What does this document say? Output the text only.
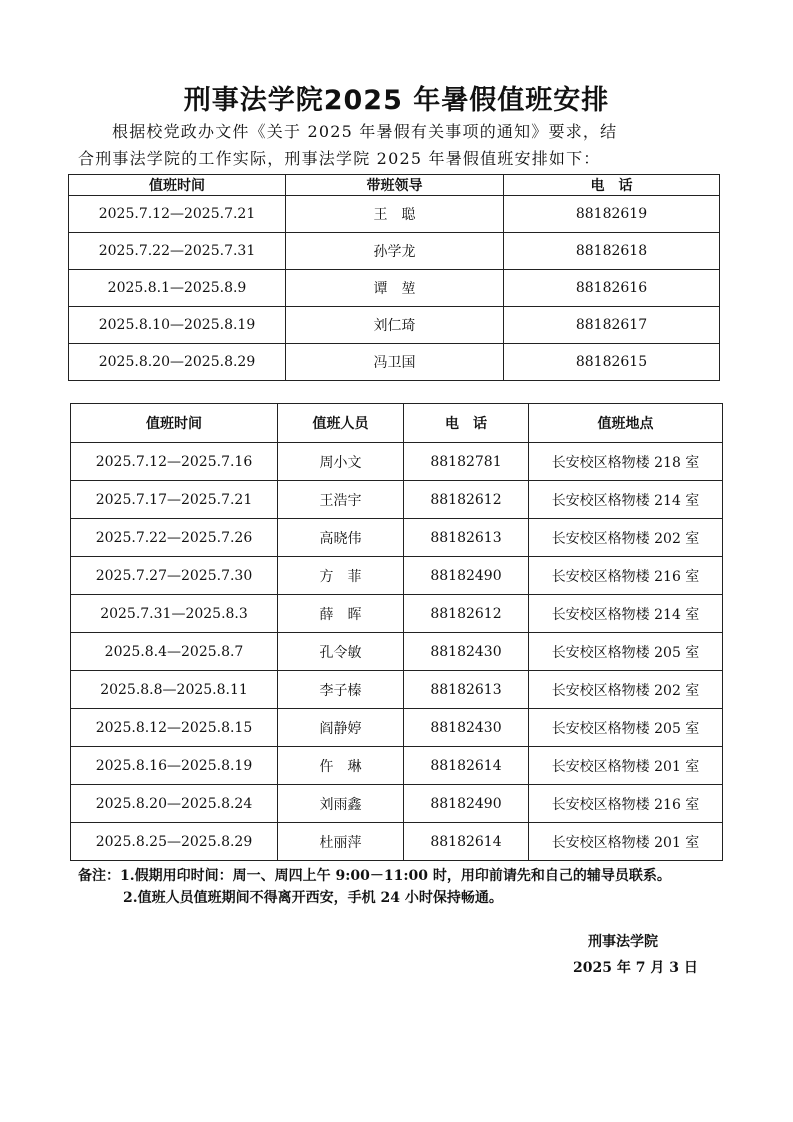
刑事法学院2025 年暑假值班安排
根据校党政办文件《关于 2025 年暑假有关事项的通知》要求，结
合刑事法学院的工作实际，刑事法学院 2025 年暑假值班安排如下：
值班时间	带班领导	电　话
2025.7.12—2025.7.21	王　聪	88182619
2025.7.22—2025.7.31	孙学龙	88182618
2025.8.1—2025.8.9	谭　堃	88182616
2025.8.10—2025.8.19	刘仁琦	88182617
2025.8.20—2025.8.29	冯卫国	88182615
值班时间	值班人员	电　话	值班地点
2025.7.12—2025.7.16	周小文	88182781	长安校区格物楼 218 室
2025.7.17—2025.7.21	王浩宇	88182612	长安校区格物楼 214 室
2025.7.22—2025.7.26	高晓伟	88182613	长安校区格物楼 202 室
2025.7.27—2025.7.30	方　菲	88182490	长安校区格物楼 216 室
2025.7.31—2025.8.3	薛　晖	88182612	长安校区格物楼 214 室
2025.8.4—2025.8.7	孔令敏	88182430	长安校区格物楼 205 室
2025.8.8—2025.8.11	李子榛	88182613	长安校区格物楼 202 室
2025.8.12—2025.8.15	阎静婷	88182430	长安校区格物楼 205 室
2025.8.16—2025.8.19	仵　琳	88182614	长安校区格物楼 201 室
2025.8.20—2025.8.24	刘雨鑫	88182490	长安校区格物楼 216 室
2025.8.25—2025.8.29	杜丽萍	88182614	长安校区格物楼 201 室
备注：1.假期用印时间：周一、周四上午 9:00－11:00 时，用印前请先和自己的辅导员联系。
2.值班人员值班期间不得离开西安，手机 24 小时保持畅通。
刑事法学院
2025 年 7 月 3 日
